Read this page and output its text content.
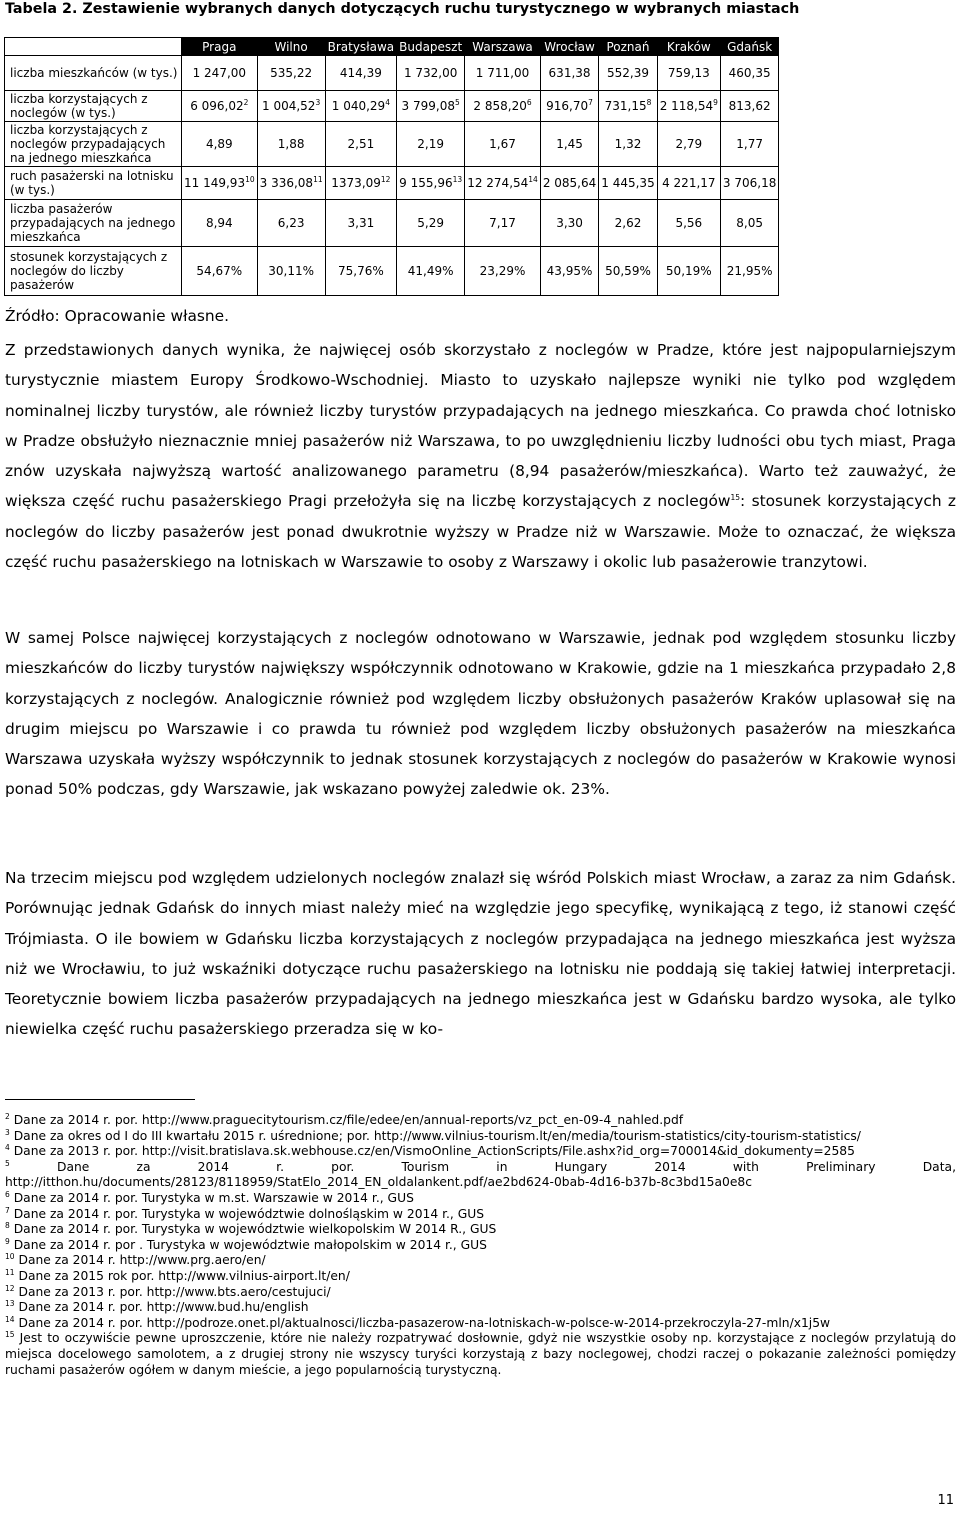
Tabela 2. Zestawienie wybranych danych dotyczących ruchu turystycznego w wybranych miastach
	Praga	Wilno	Bratysława	Budapeszt	Warszawa	Wrocław	Poznań	Kraków	Gdańsk
liczba mieszkańców (w tys.)	1 247,00	535,22	414,39	1 732,00	1 711,00	631,38	552,39	759,13	460,35
liczba korzystających z noclegów (w tys.)	6 096,02$^2$	1 004,52$^3$	1 040,29$^4$	3 799,08$^5$	2 858,20$^6$	916,70$^7$	731,15$^8$	2 118,54$^9$	813,62
liczba korzystających z noclegów przypadających na jednego mieszkańca	4,89	1,88	2,51	2,19	1,67	1,45	1,32	2,79	1,77
ruch pasażerski na lotnisku (w tys.)	11 149,93$^{10}$	3 336,08$^{11}$	1373,09$^{12}$	9 155,96$^{13}$	12 274,54$^{14}$	2 085,64	1 445,35	4 221,17	3 706,18
liczba pasażerów przypadających na jednego mieszkańca	8,94	6,23	3,31	5,29	7,17	3,30	2,62	5,56	8,05
stosunek korzystających z noclegów do liczby pasażerów	54,67%	30,11%	75,76%	41,49%	23,29%	43,95%	50,59%	50,19%	21,95%
Źródło: Opracowanie własne.

Z przedstawionych danych wynika, że najwięcej osób skorzystało z noclegów w Pradze, które jest najpopularniejszym turystycznie miastem Europy Środkowo-Wschodniej. Miasto to uzyskało najlepsze wyniki nie tylko pod względem nominalnej liczby turystów, ale również liczby turystów przypadających na jednego mieszkańca. Co prawda choć lotnisko w Pradze obsłużyło nieznacznie mniej pasażerów niż Warszawa, to po uwzględnieniu liczby ludności obu tych miast, Praga znów uzyskała najwyższą wartość analizowanego parametru (8,94 pasażerów/mieszkańca). Warto też zauważyć, że większa część ruchu pasażerskiego Pragi przełożyła się na liczbę korzystających z noclegów$^{15}$: stosunek korzystających z noclegów do liczby pasażerów jest ponad dwukrotnie wyższy w Pradze niż w Warszawie. Może to oznaczać, że większa część ruchu pasażerskiego na lotniskach w Warszawie to osoby z Warszawy i okolic lub pasażerowie tranzytowi.

W samej Polsce najwięcej korzystających z noclegów odnotowano w Warszawie, jednak pod względem stosunku liczby mieszkańców do liczby turystów największy współczynnik odnotowano w Krakowie, gdzie na 1 mieszkańca przypadało 2,8 korzystających z noclegów. Analogicznie również pod względem liczby obsłużonych pasażerów Kraków uplasował się na drugim miejscu po Warszawie i co prawda tu również pod względem liczby obsłużonych pasażerów na mieszkańca Warszawa uzyskała wyższy współczynnik to jednak stosunek korzystających z noclegów do pasażerów w Krakowie wynosi ponad 50% podczas, gdy Warszawie, jak wskazano powyżej zaledwie ok. 23%.

Na trzecim miejscu pod względem udzielonych noclegów znalazł się wśród Polskich miast Wrocław, a zaraz za nim Gdańsk. Porównując jednak Gdańsk do innych miast należy mieć na względzie jego specyfikę, wynikającą z tego, iż stanowi część Trójmiasta. O ile bowiem w Gdańsku liczba korzystających z noclegów przypadająca na jednego mieszkańca jest wyższa niż we Wrocławiu, to już wskaźniki dotyczące ruchu pasażerskiego na lotnisku nie poddają się takiej łatwiej interpretacji. Teoretycznie bowiem liczba pasażerów przypadających na jednego mieszkańca jest w Gdańsku bardzo wysoka, ale tylko niewielka część ruchu pasażerskiego przeradza się w ko-

$^2$ Dane za 2014 r. por. http://www.praguecitytourism.cz/file/edee/en/annual-reports/vz_pct_en-09-4_nahled.pdf

$^3$ Dane za okres od I do III kwartału 2015 r. uśrednione; por. http://www.vilnius-tourism.lt/en/media/tourism-statistics/city-tourism-statistics/

$^4$ Dane za 2013 r. por. http://visit.bratislava.sk.webhouse.cz/en/VismoOnline_ActionScripts/File.ashx?id_org=700014&id_dokumenty=2585

$^5$	Dane za 2014 r. por. Tourism in Hungary 2014 with Preliminary Data, http://itthon.hu/documents/28123/8118959/StatElo_2014_EN_oldalankent.pdf/ae2bd624-0bab-4d16-b37b-8c3bd15a0e8c

$^6$ Dane za 2014 r. por. Turystyka w m.st. Warszawie w 2014 r., GUS

$^7$ Dane za 2014 r. por. Turystyka w województwie dolnośląskim w 2014 r., GUS

$^8$ Dane za 2014 r. por. Turystyka w województwie wielkopolskim W 2014 R., GUS

$^9$ Dane za 2014 r. por . Turystyka w województwie małopolskim w 2014 r., GUS

$^{10}$ Dane za 2014 r. http://www.prg.aero/en/

$^{11}$ Dane za 2015 rok por. http://www.vilnius-airport.lt/en/

$^{12}$ Dane za 2013 r. por. http://www.bts.aero/cestujuci/

$^{13}$ Dane za 2014 r. por. http://www.bud.hu/english

$^{14}$ Dane za 2014 r. por. http://podroze.onet.pl/aktualnosci/liczba-pasazerow-na-lotniskach-w-polsce-w-2014-przekroczyla-27-mln/x1j5w

$^{15}$ Jest to oczywiście pewne uproszczenie, które nie należy rozpatrywać dosłownie, gdyż nie wszystkie osoby np. korzystające z noclegów przylatują do miejsca docelowego samolotem, a z drugiej strony nie wszyscy turyści korzystają z bazy noclegowej, chodzi raczej o pokazanie zależności pomiędzy ruchami pasażerów ogółem w danym mieście, a jego popularnością turystyczną.

11
